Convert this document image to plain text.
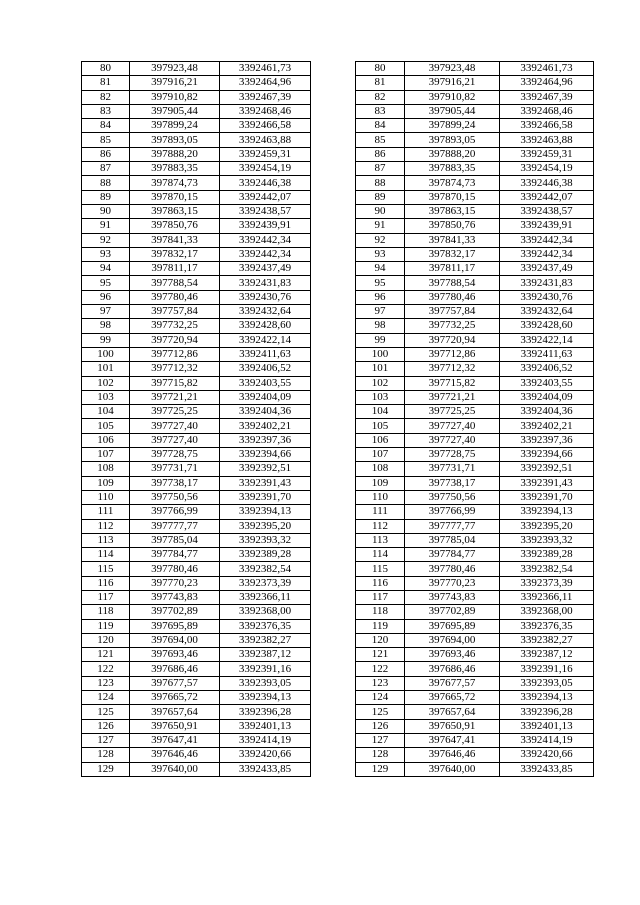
80	397923,48	3392461,73		80	397923,48	3392461,73
81	397916,21	3392464,96		81	397916,21	3392464,96
82	397910,82	3392467,39		82	397910,82	3392467,39
83	397905,44	3392468,46		83	397905,44	3392468,46
84	397899,24	3392466,58		84	397899,24	3392466,58
85	397893,05	3392463,88		85	397893,05	3392463,88
86	397888,20	3392459,31		86	397888,20	3392459,31
87	397883,35	3392454,19		87	397883,35	3392454,19
88	397874,73	3392446,38		88	397874,73	3392446,38
89	397870,15	3392442,07		89	397870,15	3392442,07
90	397863,15	3392438,57		90	397863,15	3392438,57
91	397850,76	3392439,91		91	397850,76	3392439,91
92	397841,33	3392442,34		92	397841,33	3392442,34
93	397832,17	3392442,34		93	397832,17	3392442,34
94	397811,17	3392437,49		94	397811,17	3392437,49
95	397788,54	3392431,83		95	397788,54	3392431,83
96	397780,46	3392430,76		96	397780,46	3392430,76
97	397757,84	3392432,64		97	397757,84	3392432,64
98	397732,25	3392428,60		98	397732,25	3392428,60
99	397720,94	3392422,14		99	397720,94	3392422,14
100	397712,86	3392411,63		100	397712,86	3392411,63
101	397712,32	3392406,52		101	397712,32	3392406,52
102	397715,82	3392403,55		102	397715,82	3392403,55
103	397721,21	3392404,09		103	397721,21	3392404,09
104	397725,25	3392404,36		104	397725,25	3392404,36
105	397727,40	3392402,21		105	397727,40	3392402,21
106	397727,40	3392397,36		106	397727,40	3392397,36
107	397728,75	3392394,66		107	397728,75	3392394,66
108	397731,71	3392392,51		108	397731,71	3392392,51
109	397738,17	3392391,43		109	397738,17	3392391,43
110	397750,56	3392391,70		110	397750,56	3392391,70
111	397766,99	3392394,13		111	397766,99	3392394,13
112	397777,77	3392395,20		112	397777,77	3392395,20
113	397785,04	3392393,32		113	397785,04	3392393,32
114	397784,77	3392389,28		114	397784,77	3392389,28
115	397780,46	3392382,54		115	397780,46	3392382,54
116	397770,23	3392373,39		116	397770,23	3392373,39
117	397743,83	3392366,11		117	397743,83	3392366,11
118	397702,89	3392368,00		118	397702,89	3392368,00
119	397695,89	3392376,35		119	397695,89	3392376,35
120	397694,00	3392382,27		120	397694,00	3392382,27
121	397693,46	3392387,12		121	397693,46	3392387,12
122	397686,46	3392391,16		122	397686,46	3392391,16
123	397677,57	3392393,05		123	397677,57	3392393,05
124	397665,72	3392394,13		124	397665,72	3392394,13
125	397657,64	3392396,28		125	397657,64	3392396,28
126	397650,91	3392401,13		126	397650,91	3392401,13
127	397647,41	3392414,19		127	397647,41	3392414,19
128	397646,46	3392420,66		128	397646,46	3392420,66
129	397640,00	3392433,85		129	397640,00	3392433,85
